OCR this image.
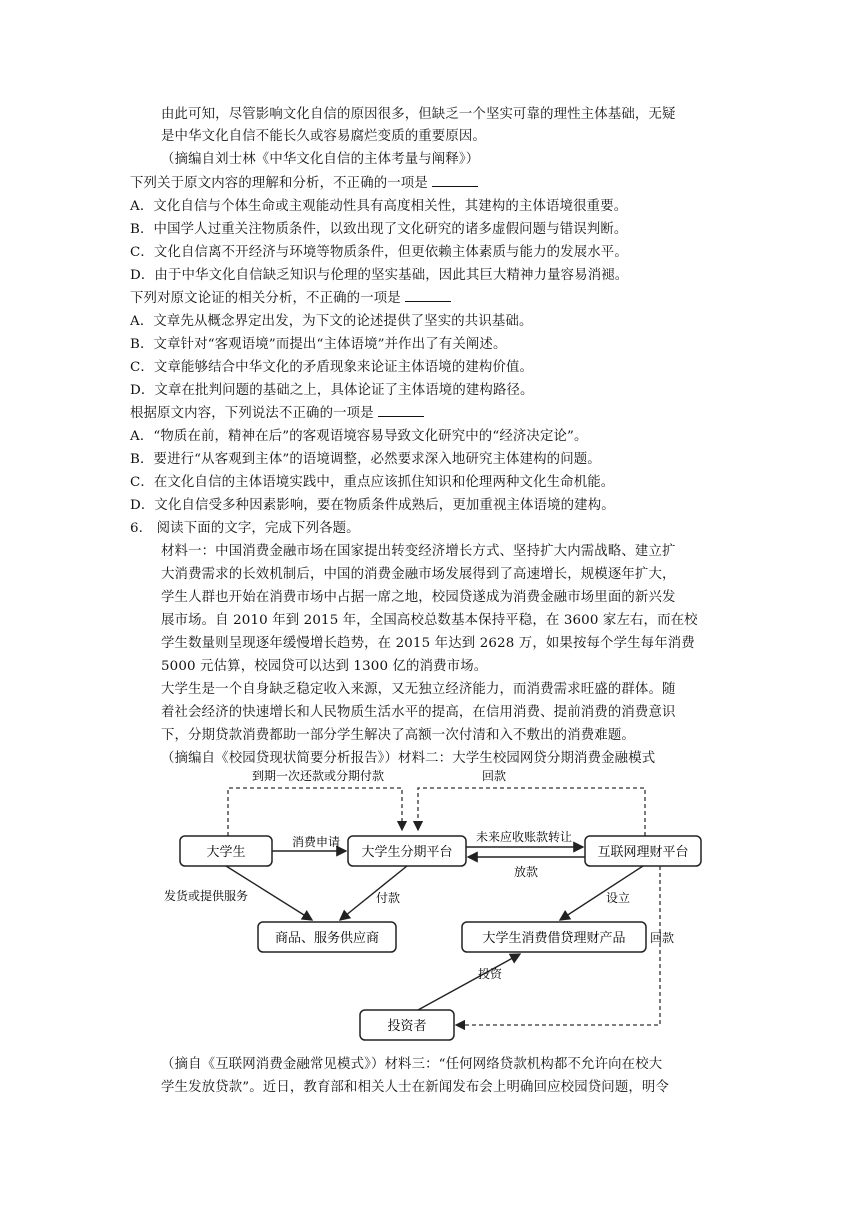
由此可知，尽管影响文化自信的原因很多，但缺乏一个坚实可靠的理性主体基础，无疑
是中华文化自信不能长久或容易腐烂变质的重要原因。
（摘编自刘士林《中华文化自信的主体考量与阐释》）
下列关于原文内容的理解和分析，不正确的一项是
A．文化自信与个体生命或主观能动性具有高度相关性，其建构的主体语境很重要。
B．中国学人过重关注物质条件，以致出现了文化研究的诸多虚假问题与错误判断。
C．文化自信离不开经济与环境等物质条件，但更依赖主体素质与能力的发展水平。
D．由于中华文化自信缺乏知识与伦理的坚实基础，因此其巨大精神力量容易消褪。
下列对原文论证的相关分析，不正确的一项是
A．文章先从概念界定出发，为下文的论述提供了坚实的共识基础。
B．文章针对“客观语境”而提出“主体语境”并作出了有关阐述。
C．文章能够结合中华文化的矛盾现象来论证主体语境的建构价值。
D．文章在批判问题的基础之上，具体论证了主体语境的建构路径。
根据原文内容，下列说法不正确的一项是
A．“物质在前，精神在后”的客观语境容易导致文化研究中的“经济决定论”。
B．要进行“从客观到主体”的语境调整，必然要求深入地研究主体建构的问题。
C．在文化自信的主体语境实践中，重点应该抓住知识和伦理两种文化生命机能。
D．文化自信受多种因素影响，要在物质条件成熟后，更加重视主体语境的建构。
6.　阅读下面的文字，完成下列各题。
材料一：中国消费金融市场在国家提出转变经济增长方式、坚持扩大内需战略、建立扩
大消费需求的长效机制后，中国的消费金融市场发展得到了高速增长，规模逐年扩大，
学生人群也开始在消费市场中占据一席之地，校园贷遂成为消费金融市场里面的新兴发
展市场。自 2010 年到 2015 年，全国高校总数基本保持平稳，在 3600 家左右，而在校
学生数量则呈现逐年缓慢增长趋势，在 2015 年达到 2628 万，如果按每个学生每年消费
5000 元估算，校园贷可以达到 1300 亿的消费市场。
大学生是一个自身缺乏稳定收入来源，又无独立经济能力，而消费需求旺盛的群体。随
着社会经济的快速增长和人民物质生活水平的提高，在信用消费、提前消费的消费意识
下，分期贷款消费都助一部分学生解决了高额一次付清和入不敷出的消费难题。
（摘编自《校园贷现状简要分析报告》）材料二：大学生校园网贷分期消费金融模式
到期一次还款或分期付款	回款
大学生	大学生分期平台	互联网理财平台
商品、服务供应商	大学生消费借贷理财产品
投资者
消费申请	未来应收账款转让
放款
发货或提供服务	付款	设立
回款
投资
（摘自《互联网消费金融常见模式》）材料三：“任何网络贷款机构都不允许向在校大
学生发放贷款”。近日，教育部和相关人士在新闻发布会上明确回应校园贷问题，明令
